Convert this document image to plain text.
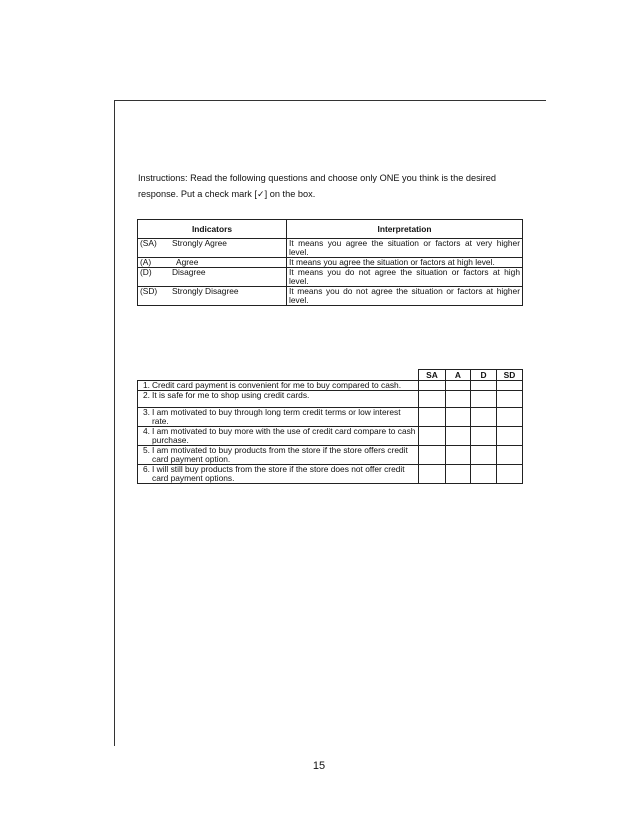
Instructions: Read the following questions and choose only ONE you think is the desired response. Put a check mark [✓] on the box.
Indicators		Interpretation
(SA)	Strongly Agree	It means you agree the situation or factors at very higher level.
(A)	Agree	It means you agree the situation or factors at high level.
(D)	Disagree	It means you do not agree the situation or factors at high level.
(SD)	Strongly Disagree	It means you do not agree the situation or factors at higher level.
	SA	A	D	SD
1. Credit card payment is convenient for me to buy compared to cash.				
2. It is safe for me to shop using credit cards.				
3. I am motivated to buy through long term credit terms or low interest rate.				
4. I am motivated to buy more with the use of credit card compare to cash purchase.				
5. I am motivated to buy products from the store if the store offers credit card payment option.				
6. I will still buy products from the store if the store does not offer credit card payment options.				
15
